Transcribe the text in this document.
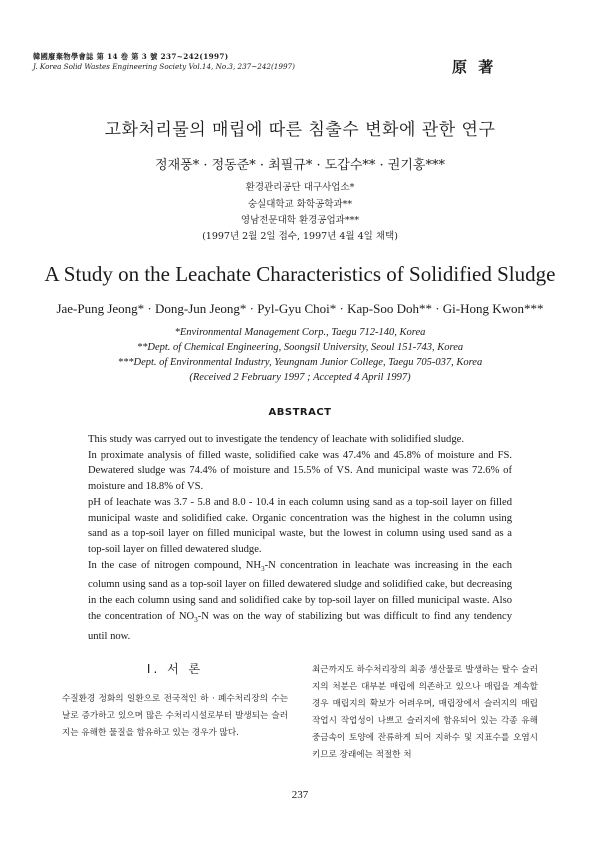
韓國廢棄物學會誌 第 14 卷 第 3 號 237~242(1997)
J. Korea Solid Wastes Engineering Society Vol.14, No.3, 237~242(1997)	原 著
고화처리물의 매립에 따른 침출수 변화에 관한 연구
정재풍* · 정동준* · 최필규* · 도갑수** · 권기홍***
환경관리공단 대구사업소*
숭실대학교 화학공학과**
영남전문대학 환경공업과***
(1997년 2월 2일 접수, 1997년 4월 4일 채택)
A Study on the Leachate Characteristics of Solidified Sludge
Jae-Pung Jeong* · Dong-Jun Jeong* · Pyl-Gyu Choi* · Kap-Soo Doh** · Gi-Hong Kwon***
*Environmental Management Corp., Taegu 712-140, Korea
**Dept. of Chemical Engineering, Soongsil University, Seoul 151-743, Korea
***Dept. of Environmental Industry, Yeungnam Junior College, Taegu 705-037, Korea
(Received 2 February 1997 ; Accepted 4 April 1997)
ABSTRACT

This study was carryed out to investigate the tendency of leachate with solidified sludge.

In proximate analysis of filled waste, solidified cake was 47.4% and 45.8% of moisture and FS. Dewatered sludge was 74.4% of moisture and 15.5% of VS. And municipal waste was 72.6% of moisture and 18.8% of VS.

pH of leachate was 3.7 - 5.8 and 8.0 - 10.4 in each column using sand as a top-soil layer on filled municipal waste and solidified cake. Organic concentration was the highest in the column using sand as a top-soil layer on filled municipal waste, but the lowest in column using used sand as a top-soil layer on filled dewatered sludge.

In the case of nitrogen compound, $NH_3-N$ concentration in leachate was increasing in the each column using sand as a top-soil layer on filled dewatered sludge and solidified cake, but decreasing in the each column using sand and solidified cake by top-soil layer on filled municipal waste. Also the concentration of $NO_3-N$ was on the way of stabilizing but was difficult to find any tendency until now.

Ⅰ. 서 론

수질환경 정화의 일환으로 전국적인 하 · 폐수처리장의 수는 날로 증가하고 있으며 많은 수처리시설로부터 발생되는 슬러지는 유해한 물질을 함유하고 있는 경우가 많다.

최근까지도 하수처리장의 최종 생산물로 발생하는 탈수 슬러지의 처분은 대부분 매립에 의존하고 있으나 매립을 계속할 경우 매립지의 확보가 어려우며, 매립장에서 슬러지의 매립작업시 작업성이 나쁘고 슬러지에 함유되어 있는 각종 유해 중금속이 토양에 잔류하게 되어 지하수 및 지표수를 오염시키므로 장래에는 적절한 처

237
